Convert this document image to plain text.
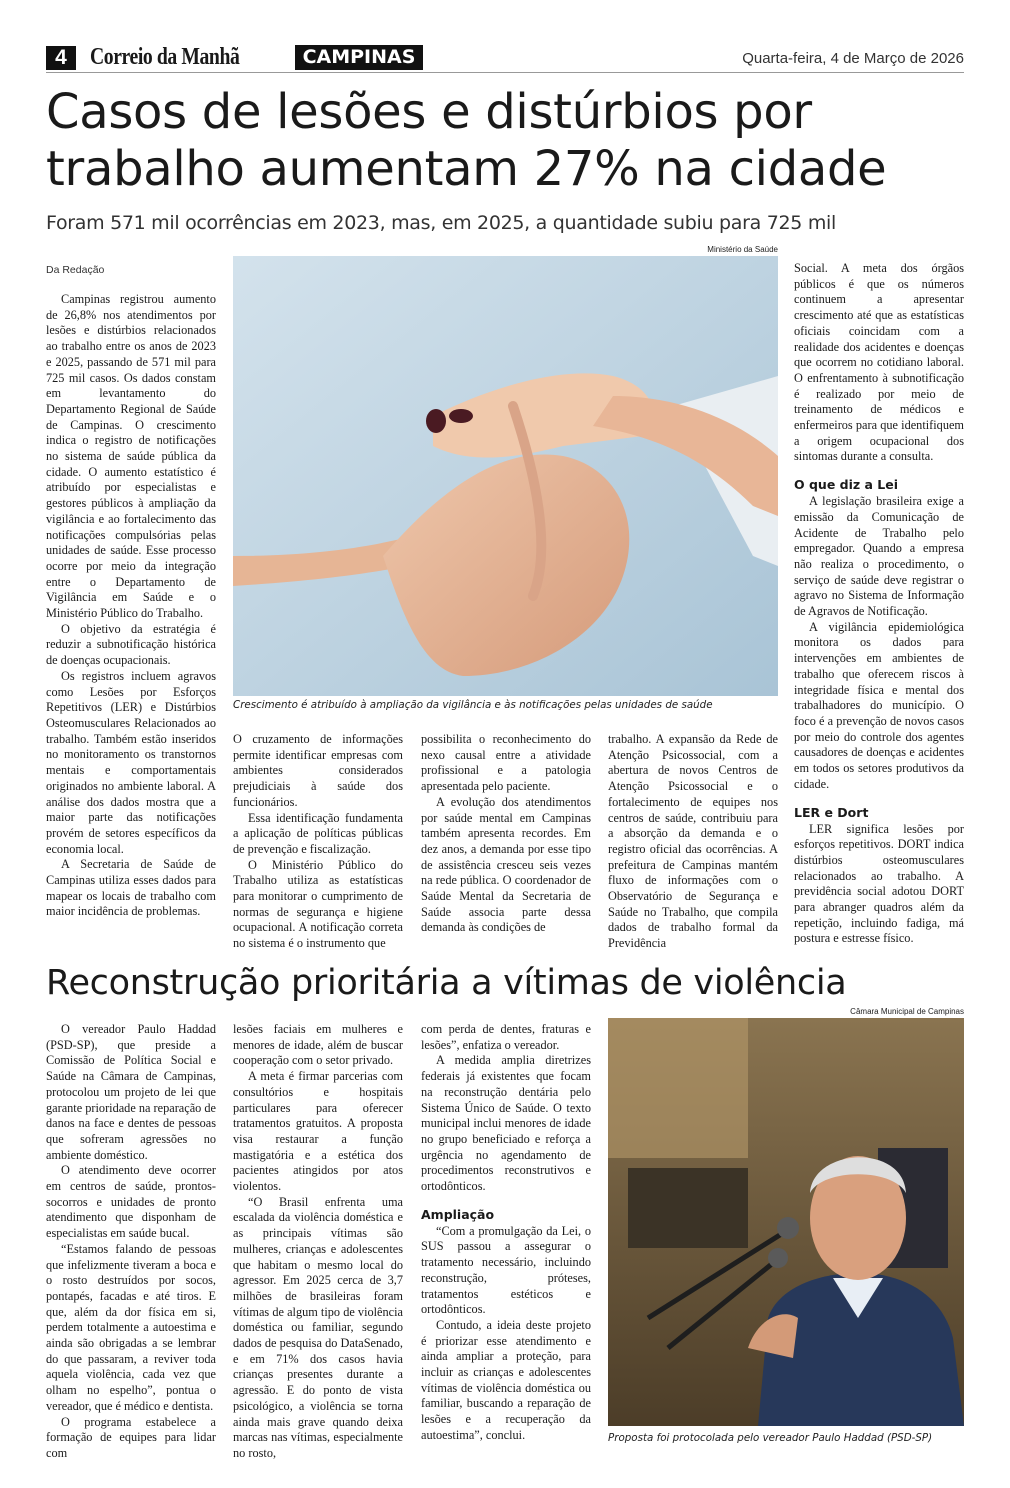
4 Correio da Manhã	CAMPINAS	Quarta-feira, 4 de Março de 2026
Casos de lesões e distúrbios por trabalho aumentam 27% na cidade
Foram 571 mil ocorrências em 2023, mas, em 2025, a quantidade subiu para 725 mil
Da Redação
Ministério da Saúde
Crescimento é atribuído à ampliação da vigilância e às notificações pelas unidades de saúde

Campinas registrou aumento de 26,8% nos atendimentos por lesões e distúrbios relacionados ao trabalho entre os anos de 2023 e 2025, passando de 571 mil para 725 mil casos. Os dados constam em levantamento do Departamento Regional de Saúde de Campinas. O crescimento indica o registro de notificações no sistema de saúde pública da cidade. O aumento estatístico é atribuído por especialistas e gestores públicos à ampliação da vigilância e ao fortalecimento das notificações compulsórias pelas unidades de saúde. Esse processo ocorre por meio da integração entre o Departamento de Vigilância em Saúde e o Ministério Público do Trabalho.

O objetivo da estratégia é reduzir a subnotificação histórica de doenças ocupacionais.

Os registros incluem agravos como Lesões por Esforços Repetitivos (LER) e Distúrbios Osteomusculares Relacionados ao trabalho. Também estão inseridos no monitoramento os transtornos mentais e comportamentais originados no ambiente laboral. A análise dos dados mostra que a maior parte das notificações provém de setores específicos da economia local.

A Secretaria de Saúde de Campinas utiliza esses dados para mapear os locais de trabalho com maior incidência de problemas.

O cruzamento de informações permite identificar empresas com ambientes considerados prejudiciais à saúde dos funcionários.

Essa identificação fundamenta a aplicação de políticas públicas de prevenção e fiscalização.

O Ministério Público do Trabalho utiliza as estatísticas para monitorar o cumprimento de normas de segurança e higiene ocupacional. A notificação correta no sistema é o instrumento que

possibilita o reconhecimento do nexo causal entre a atividade profissional e a patologia apresentada pelo paciente.

A evolução dos atendimentos por saúde mental em Campinas também apresenta recordes. Em dez anos, a demanda por esse tipo de assistência cresceu seis vezes na rede pública. O coordenador de Saúde Mental da Secretaria de Saúde associa parte dessa demanda às condições de

trabalho. A expansão da Rede de Atenção Psicossocial, com a abertura de novos Centros de Atenção Psicossocial e o fortalecimento de equipes nos centros de saúde, contribuiu para a absorção da demanda e o registro oficial das ocorrências. A prefeitura de Campinas mantém fluxo de informações com o Observatório de Segurança e Saúde no Trabalho, que compila dados de trabalho formal da Previdência

Social. A meta dos órgãos públicos é que os números continuem a apresentar crescimento até que as estatísticas oficiais coincidam com a realidade dos acidentes e doenças que ocorrem no cotidiano laboral. O enfrentamento à subnotificação é realizado por meio de treinamento de médicos e enfermeiros para que identifiquem a origem ocupacional dos sintomas durante a consulta.

O que diz a Lei

A legislação brasileira exige a emissão da Comunicação de Acidente de Trabalho pelo empregador. Quando a empresa não realiza o procedimento, o serviço de saúde deve registrar o agravo no Sistema de Informação de Agravos de Notificação.

A vigilância epidemiológica monitora os dados para intervenções em ambientes de trabalho que oferecem riscos à integridade física e mental dos trabalhadores do município. O foco é a prevenção de novos casos por meio do controle dos agentes causadores de doenças e acidentes em todos os setores produtivos da cidade.

LER e Dort

LER significa lesões por esforços repetitivos. DORT indica distúrbios osteomusculares relacionados ao trabalho. A previdência social adotou DORT para abranger quadros além da repetição, incluindo fadiga, má postura e estresse físico.

Reconstrução prioritária a vítimas de violência
Câmara Municipal de Campinas

O vereador Paulo Haddad (PSD-SP), que preside a Comissão de Política Social e Saúde na Câmara de Campinas, protocolou um projeto de lei que garante prioridade na reparação de danos na face e dentes de pessoas que sofreram agressões no ambiente doméstico.

O atendimento deve ocorrer em centros de saúde, prontos-socorros e unidades de pronto atendimento que disponham de especialistas em saúde bucal.

“Estamos falando de pessoas que infelizmente tiveram a boca e o rosto destruídos por socos, pontapés, facadas e até tiros. E que, além da dor física em si, perdem totalmente a autoestima e ainda são obrigadas a se lembrar do que passaram, a reviver toda aquela violência, cada vez que olham no espelho”, pontua o vereador, que é médico e dentista.

O programa estabelece a formação de equipes para lidar com

lesões faciais em mulheres e menores de idade, além de buscar cooperação com o setor privado.

A meta é firmar parcerias com consultórios e hospitais particulares para oferecer tratamentos gratuitos. A proposta visa restaurar a função mastigatória e a estética dos pacientes atingidos por atos violentos.

“O Brasil enfrenta uma escalada da violência doméstica e as principais vítimas são mulheres, crianças e adolescentes que habitam o mesmo local do agressor. Em 2025 cerca de 3,7 milhões de brasileiras foram vítimas de algum tipo de violência doméstica ou familiar, segundo dados de pesquisa do DataSenado, e em 71% dos casos havia crianças presentes durante a agressão. E do ponto de vista psicológico, a violência se torna ainda mais grave quando deixa marcas nas vítimas, especialmente no rosto,

com perda de dentes, fraturas e lesões”, enfatiza o vereador.

A medida amplia diretrizes federais já existentes que focam na reconstrução dentária pelo Sistema Único de Saúde. O texto municipal inclui menores de idade no grupo beneficiado e reforça a urgência no agendamento de procedimentos reconstrutivos e ortodônticos.

Ampliação

“Com a promulgação da Lei, o SUS passou a assegurar o tratamento necessário, incluindo reconstrução, próteses, tratamentos estéticos e ortodônticos.

Contudo, a ideia deste projeto é priorizar esse atendimento e ainda ampliar a proteção, para incluir as crianças e adolescentes vítimas de violência doméstica ou familiar, buscando a reparação de lesões e a recuperação da autoestima”, conclui.	Proposta foi protocolada pelo vereador Paulo Haddad (PSD-SP)
